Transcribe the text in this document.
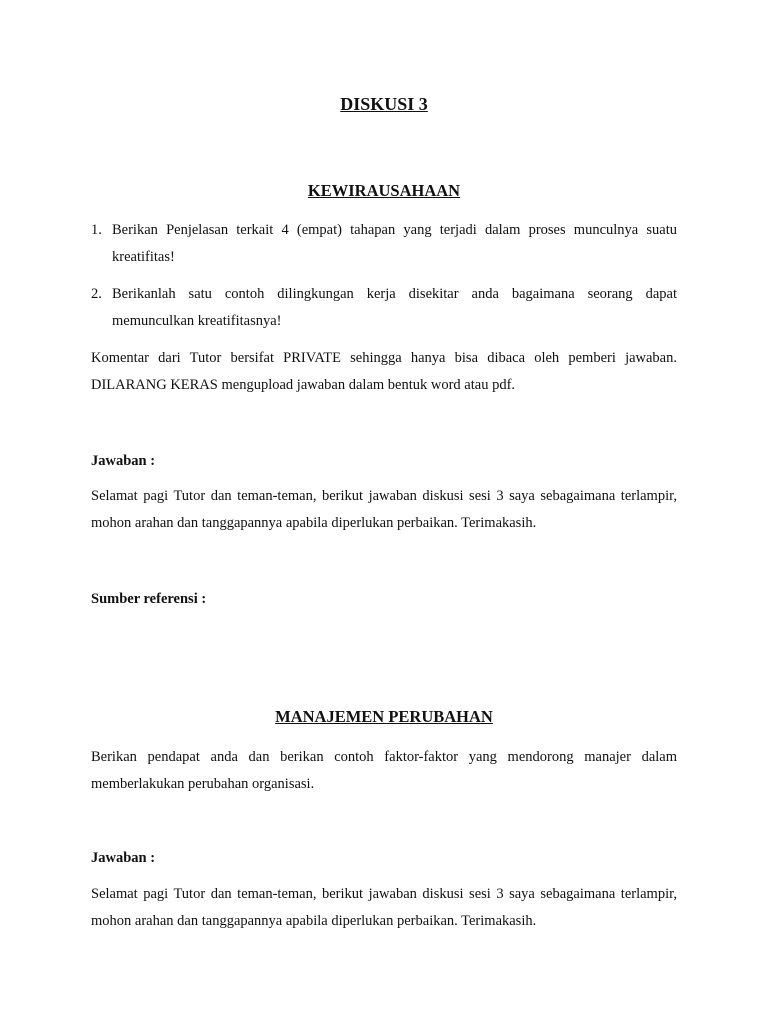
DISKUSI 3
KEWIRAUSAHAAN
1. Berikan Penjelasan terkait 4 (empat) tahapan yang terjadi dalam proses munculnya suatu kreatifitas!
2. Berikanlah satu contoh dilingkungan kerja disekitar anda bagaimana seorang dapat memunculkan kreatifitasnya!
Komentar dari Tutor bersifat PRIVATE sehingga hanya bisa dibaca oleh pemberi jawaban. DILARANG KERAS mengupload jawaban dalam bentuk word atau pdf.
Jawaban :
Selamat pagi Tutor dan teman-teman, berikut jawaban diskusi sesi 3 saya sebagaimana terlampir, mohon arahan dan tanggapannya apabila diperlukan perbaikan. Terimakasih.
Sumber referensi :
MANAJEMEN PERUBAHAN
Berikan pendapat anda dan berikan contoh faktor-faktor yang mendorong manajer dalam memberlakukan perubahan organisasi.
Jawaban :
Selamat pagi Tutor dan teman-teman, berikut jawaban diskusi sesi 3 saya sebagaimana terlampir, mohon arahan dan tanggapannya apabila diperlukan perbaikan. Terimakasih.
